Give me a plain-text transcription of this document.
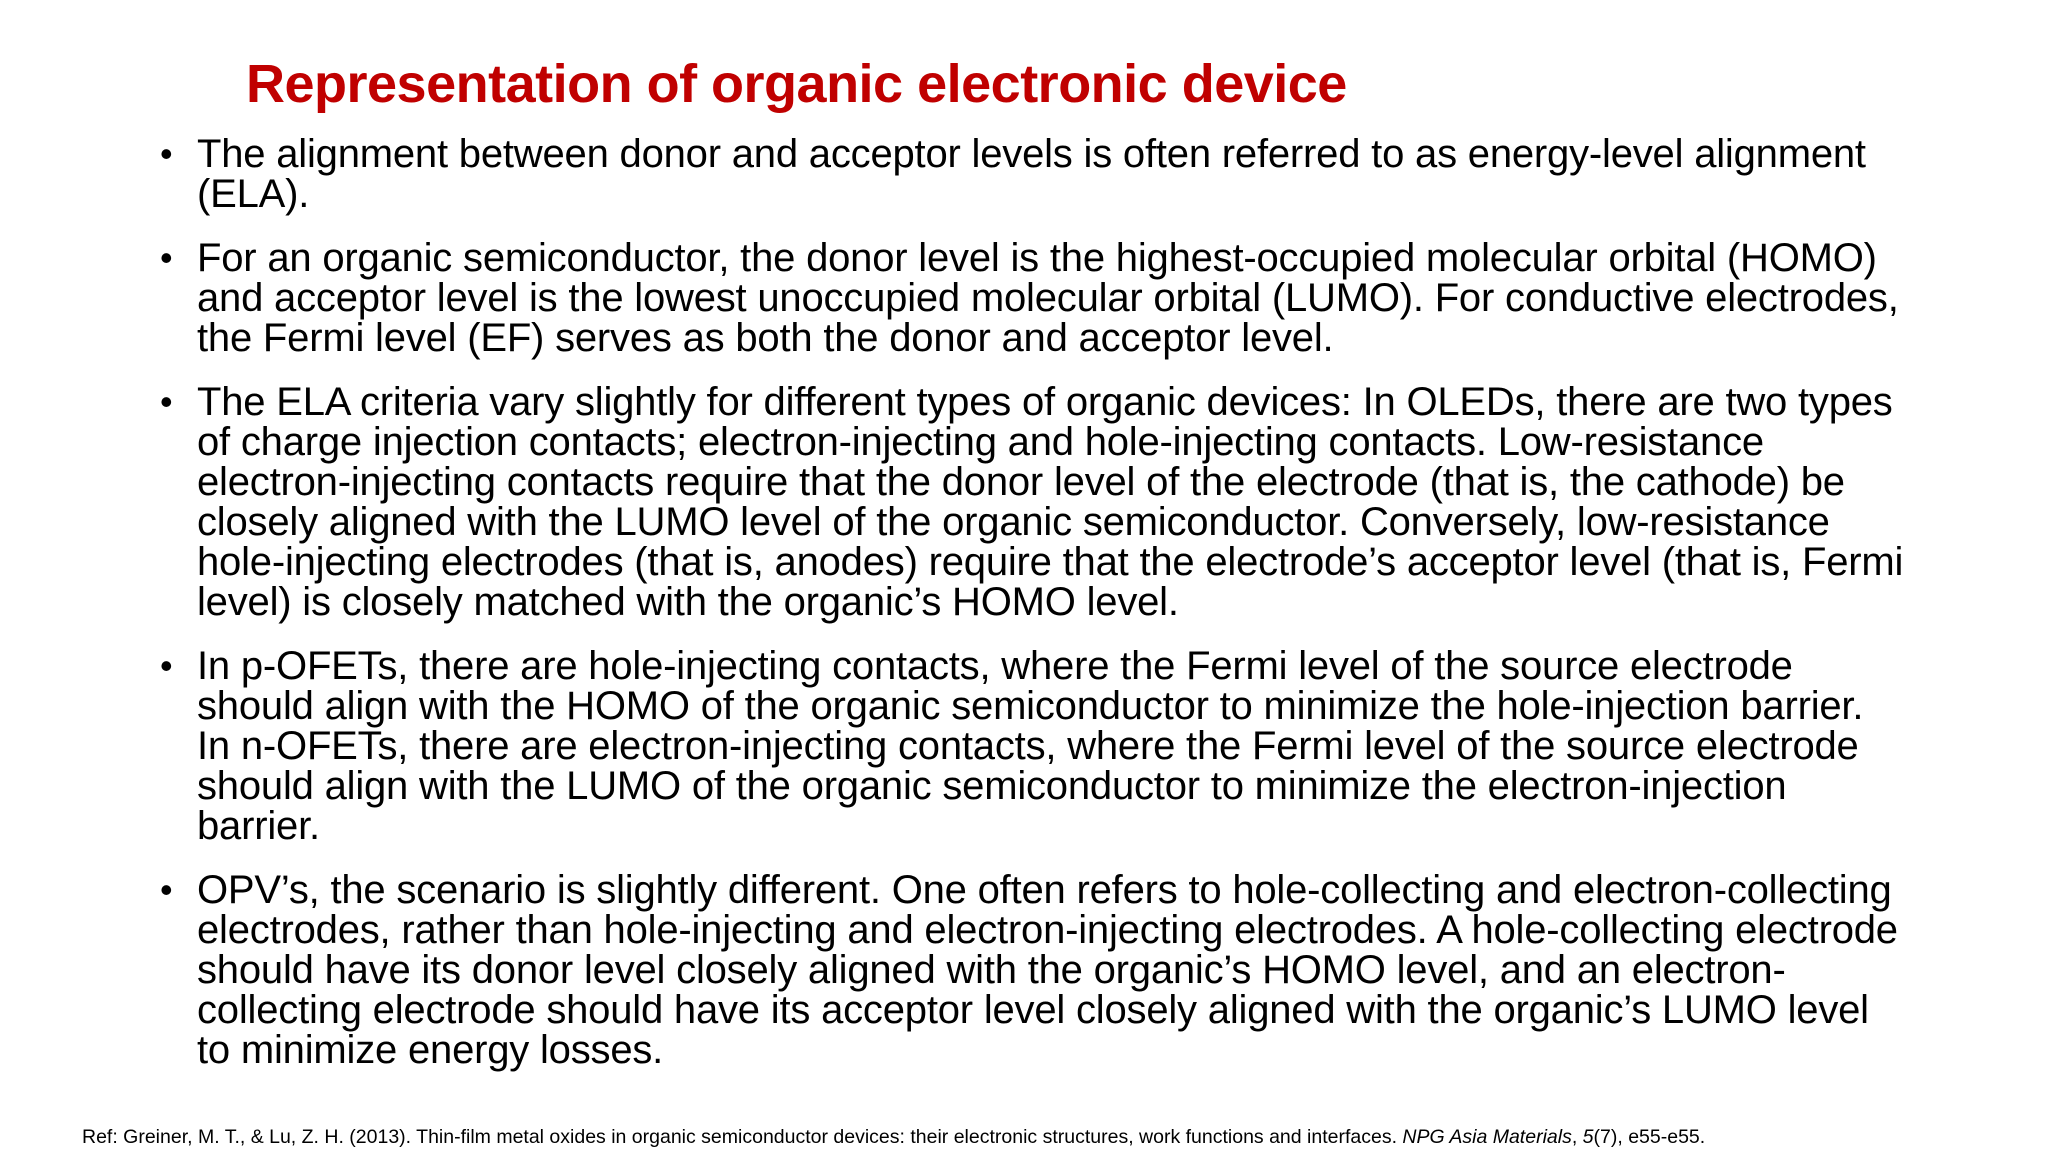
Representation of organic electronic device
• The alignment between donor and acceptor levels is often referred to as energy-level alignment (ELA).
• For an organic semiconductor, the donor level is the highest-occupied molecular orbital (HOMO) and acceptor level is the lowest unoccupied molecular orbital (LUMO). For conductive electrodes, the Fermi level (EF) serves as both the donor and acceptor level.
• The ELA criteria vary slightly for different types of organic devices: In OLEDs, there are two types of charge injection contacts; electron-injecting and hole-injecting contacts. Low-resistance electron-injecting contacts require that the donor level of the electrode (that is, the cathode) be closely aligned with the LUMO level of the organic semiconductor. Conversely, low-resistance hole-injecting electrodes (that is, anodes) require that the electrode’s acceptor level (that is, Fermi level) is closely matched with the organic’s HOMO level.
• In p-OFETs, there are hole-injecting contacts, where the Fermi level of the source electrode should align with the HOMO of the organic semiconductor to minimize the hole-injection barrier. In n-OFETs, there are electron-injecting contacts, where the Fermi level of the source electrode should align with the LUMO of the organic semiconductor to minimize the electron-injection barrier.
• OPV’s, the scenario is slightly different. One often refers to hole-collecting and electron-collecting electrodes, rather than hole-injecting and electron-injecting electrodes. A hole-collecting electrode should have its donor level closely aligned with the organic’s HOMO level, and an electron-collecting electrode should have its acceptor level closely aligned with the organic’s LUMO level to minimize energy losses.
Ref: Greiner, M. T., & Lu, Z. H. (2013). Thin-film metal oxides in organic semiconductor devices: their electronic structures, work functions and interfaces. NPG Asia Materials, 5(7), e55-e55.
